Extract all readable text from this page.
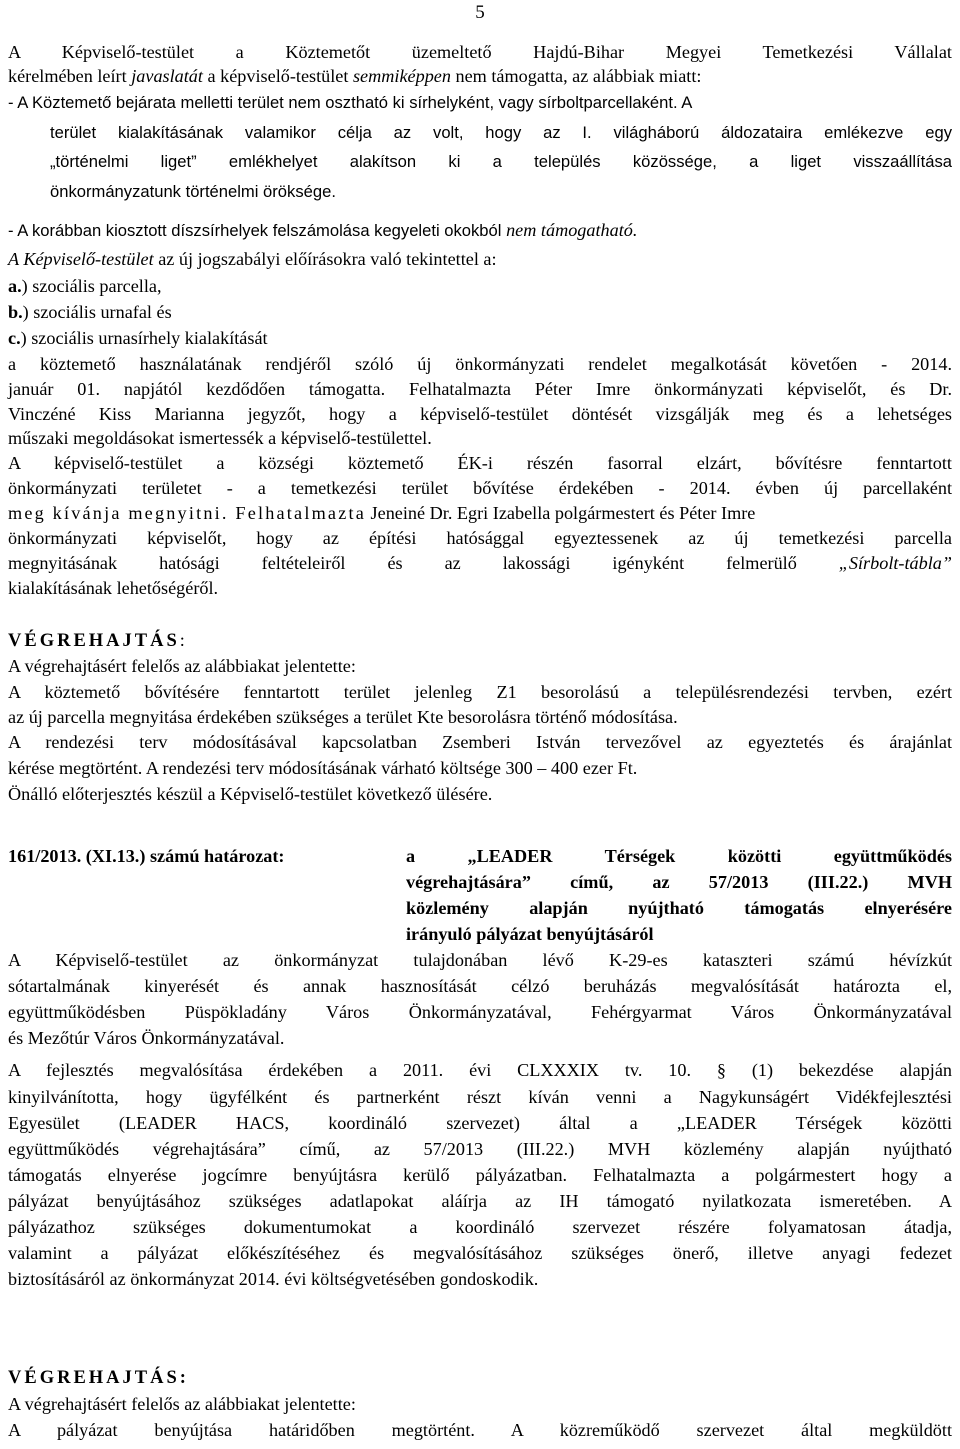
5
A Képviselő-testület a Köztemetőt üzemeltető Hajdú-Bihar Megyei Temetkezési Vállalat
kérelmében leírt javaslatát a képviselő-testület semmiképpen nem támogatta, az alábbiak miatt:
- A Köztemető bejárata melletti terület nem osztható ki sírhelyként, vagy sírboltparcellaként. A
terület kialakításának valamikor célja az volt, hogy az I. világháború áldozataira emlékezve egy
„történelmi liget” emlékhelyet alakítson ki a település közössége, a liget visszaállítása
önkormányzatunk történelmi öröksége.
- A korábban kiosztott díszsírhelyek felszámolása kegyeleti okokból nem támogatható.
A Képviselő-testület az új jogszabályi előírásokra való tekintettel a:
a.) szociális parcella,
b.) szociális urnafal és
c.) szociális urnasírhely kialakítását
a köztemető használatának rendjéről szóló új önkormányzati rendelet megalkotását követően - 2014.
január 01. napjától kezdődően támogatta. Felhatalmazta Péter Imre önkormányzati képviselőt, és Dr.
Vinczéné Kiss Marianna jegyzőt, hogy a képviselő-testület döntését vizsgálják meg és a lehetséges
műszaki megoldásokat ismertessék a képviselő-testülettel.
A képviselő-testület a községi köztemető ÉK-i részén fasorral elzárt, bővítésre fenntartott
önkormányzati területet - a temetkezési terület bővítése érdekében - 2014. évben új parcellaként
meg kívánja megnyitni. Felhatalmazta Jeneiné Dr. Egri Izabella polgármestert és Péter Imre
önkormányzati képviselőt, hogy az építési hatósággal egyeztessenek az új temetkezési parcella
megnyitásának hatósági feltételeiről és az lakossági igényként felmerülő „Sírbolt-tábla”
kialakításának lehetőségéről.
VÉGREHAJTÁS:
A végrehajtásért felelős az alábbiakat jelentette:
A köztemető bővítésére fenntartott terület jelenleg Z1 besorolású a településrendezési tervben, ezért
az új parcella megnyitása érdekében szükséges a terület Kte besorolásra történő módosítása.
A rendezési terv módosításával kapcsolatban Zsemberi István tervezővel az egyeztetés és árajánlat
kérése megtörtént. A rendezési terv módosításának várható költsége 300 – 400 ezer Ft.
Önálló előterjesztés készül a Képviselő-testület következő ülésére.
161/2013. (XI.13.) számú határozat:	a „LEADER Térségek közötti együttműködés
végrehajtására” című, az 57/2013 (III.22.) MVH
közlemény alapján nyújtható támogatás elnyerésére
irányuló pályázat benyújtásáról
A Képviselő-testület az önkormányzat tulajdonában lévő K-29-es kataszteri számú hévízkút
sótartalmának kinyerését és annak hasznosítását célzó beruházás megvalósítását határozta el,
együttműködésben Püspökladány Város Önkormányzatával, Fehérgyarmat Város Önkormányzatával
és Mezőtúr Város Önkormányzatával.
A fejlesztés megvalósítása érdekében a 2011. évi CLXXXIX tv. 10. § (1) bekezdése alapján
kinyilvánította, hogy ügyfélként és partnerként részt kíván venni a Nagykunságért Vidékfejlesztési
Egyesület (LEADER HACS, koordináló szervezet) által a „LEADER Térségek közötti
együttműködés végrehajtására” című, az 57/2013 (III.22.) MVH közlemény alapján nyújtható
támogatás elnyerése jogcímre benyújtásra kerülő pályázatban. Felhatalmazta a polgármestert hogy a
pályázat benyújtásához szükséges adatlapokat aláírja az IH támogató nyilatkozata ismeretében. A
pályázathoz szükséges dokumentumokat a koordináló szervezet részére folyamatosan átadja,
valamint a pályázat előkészítéséhez és megvalósításához szükséges önerő, illetve anyagi fedezet
biztosításáról az önkormányzat 2014. évi költségvetésében gondoskodik.
VÉGREHAJTÁS:
A végrehajtásért felelős az alábbiakat jelentette:
A pályázat benyújtása határidőben megtörtént. A közreműködő szervezet által megküldött
